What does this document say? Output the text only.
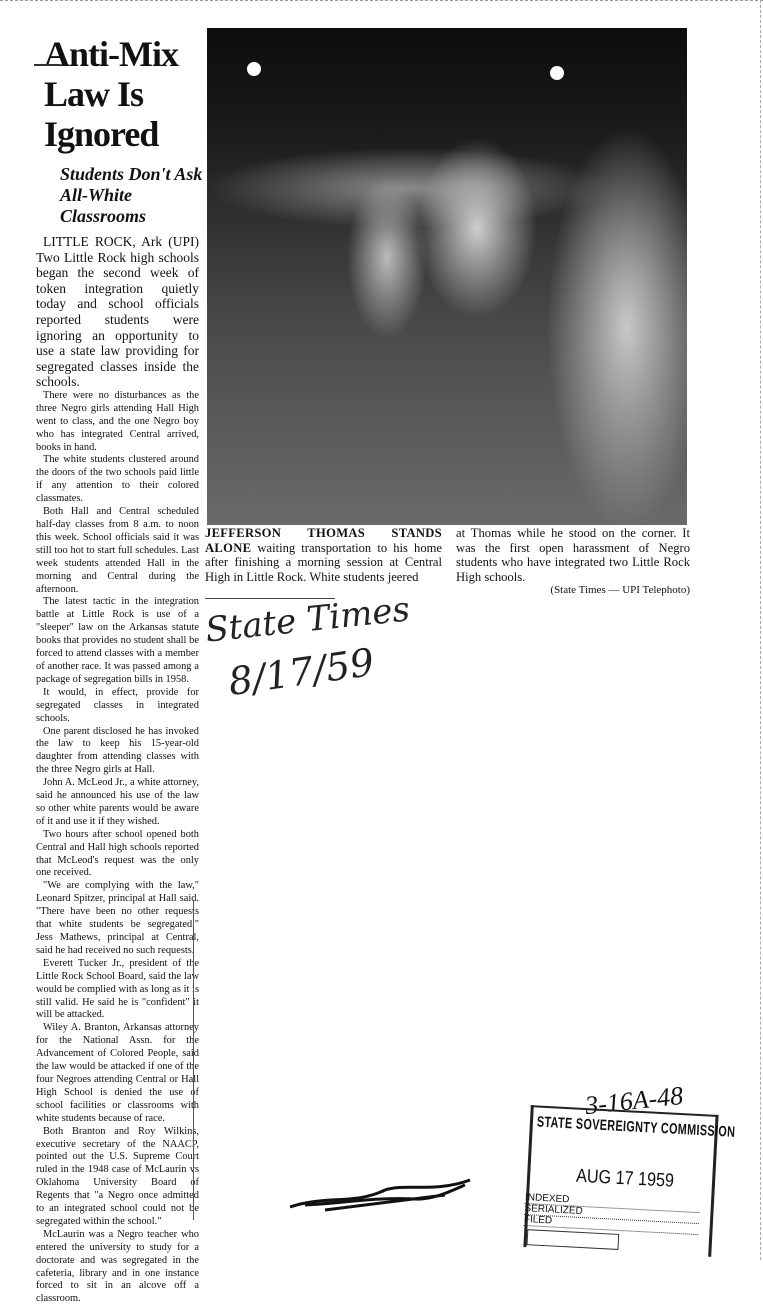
Anti-Mix
Law Is
Ignored
Students Don't Ask All-White Classrooms

LITTLE ROCK, Ark (UPI) Two Little Rock high schools began the second week of token integration quietly today and school officials reported students were ignoring an opportunity to use a state law providing for segregated classes inside the schools.

There were no disturbances as the three Negro girls attending Hall High went to class, and the one Negro boy who has integrated Central arrived, books in hand.

The white students clustered around the doors of the two schools paid little if any attention to their colored classmates.

Both Hall and Central scheduled half-day classes from 8 a.m. to noon this week. School officials said it was still too hot to start full schedules. Last week students attended Hall in the morning and Central during the afternoon.

The latest tactic in the integration battle at Little Rock is use of a "sleeper" law on the Arkansas statute books that provides no student shall be forced to attend classes with a member of another race. It was passed among a package of segregation bills in 1958.

It would, in effect, provide for segregated classes in integrated schools.

One parent disclosed he has invoked the law to keep his 15-year-old daughter from attending classes with the three Negro girls at Hall.

John A. McLeod Jr., a white attorney, said he announced his use of the law so other white parents would be aware of it and use it if they wished.

Two hours after school opened both Central and Hall high schools reported that McLeod's request was the only one received.

"We are complying with the law," Leonard Spitzer, principal at Hall said. "There have been no other requests that white students be segregated." Jess Mathews, principal at Central, said he had received no such requests.

Everett Tucker Jr., president of the Little Rock School Board, said the law would be complied with as long as it is still valid. He said he is "confident" it will be attacked.

Wiley A. Branton, Arkansas attorney for the National Assn. for the Advancement of Colored People, said the law would be attacked if one of the four Negroes attending Central or Hall High School is denied the use of school facilities or classrooms with white students because of race.

Both Branton and Roy Wilkins, executive secretary of the NAACP, pointed out the U.S. Supreme Court ruled in the 1948 case of McLaurin vs Oklahoma University Board of Regents that "a Negro once admitted to an integrated school could not be segregated within the school."

McLaurin was a Negro teacher who entered the university to study for a doctorate and was segregated in the cafeteria, library and in one instance forced to sit in an alcove off a classroom.

JEFFERSON THOMAS STANDS ALONE waiting transportation to his home after finishing a morning session at Central High in Little Rock. White students jeered
at Thomas while he stood on the corner. It was the first open harassment of Negro students who have integrated two Little Rock High schools.
(State Times — UPI Telephoto)
State Times
8/17/59
3-16A-48
STATE SOVEREIGNTY COMMISSION
AUG 17 1959
INDEXED
SERIALIZED
FILED
